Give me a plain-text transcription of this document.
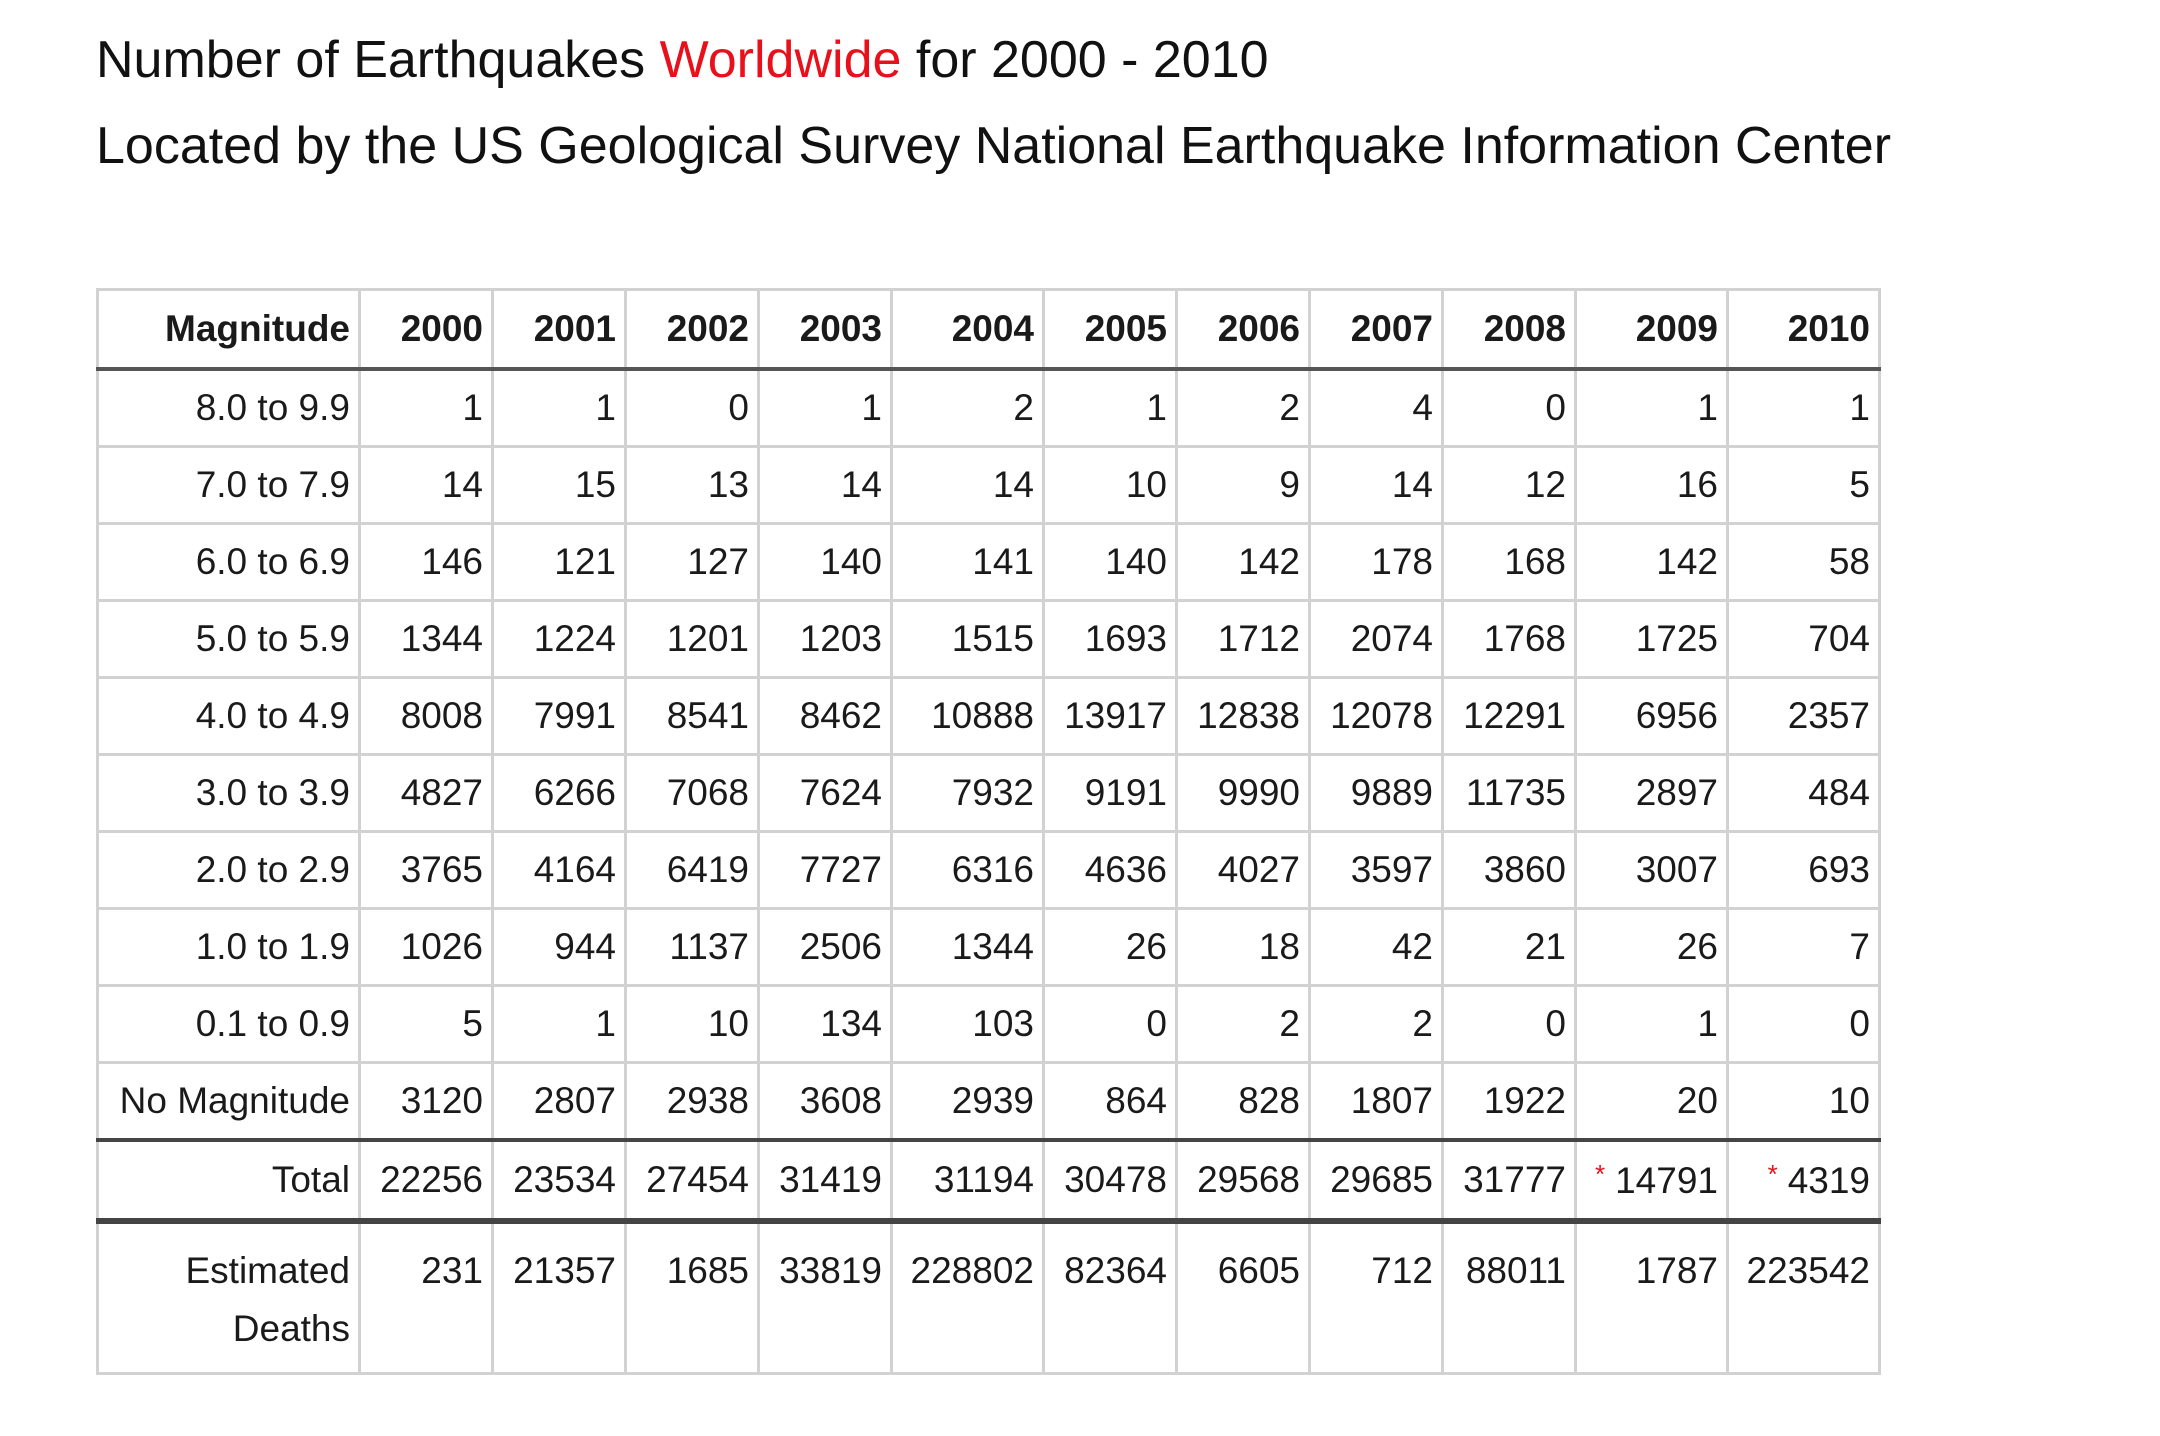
Number of Earthquakes Worldwide for 2000 - 2010
Located by the US Geological Survey National Earthquake Information Center
Magnitude	2000	2001	2002	2003	2004	2005	2006	2007	2008	2009	2010
8.0 to 9.9	1	1	0	1	2	1	2	4	0	1	1
7.0 to 7.9	14	15	13	14	14	10	9	14	12	16	5
6.0 to 6.9	146	121	127	140	141	140	142	178	168	142	58
5.0 to 5.9	1344	1224	1201	1203	1515	1693	1712	2074	1768	1725	704
4.0 to 4.9	8008	7991	8541	8462	10888	13917	12838	12078	12291	6956	2357
3.0 to 3.9	4827	6266	7068	7624	7932	9191	9990	9889	11735	2897	484
2.0 to 2.9	3765	4164	6419	7727	6316	4636	4027	3597	3860	3007	693
1.0 to 1.9	1026	944	1137	2506	1344	26	18	42	21	26	7
0.1 to 0.9	5	1	10	134	103	0	2	2	0	1	0
No Magnitude	3120	2807	2938	3608	2939	864	828	1807	1922	20	10
Total	22256	23534	27454	31419	31194	30478	29568	29685	31777	* 14791	* 4319
Estimated
Deaths	231	21357	1685	33819	228802	82364	6605	712	88011	1787	223542
